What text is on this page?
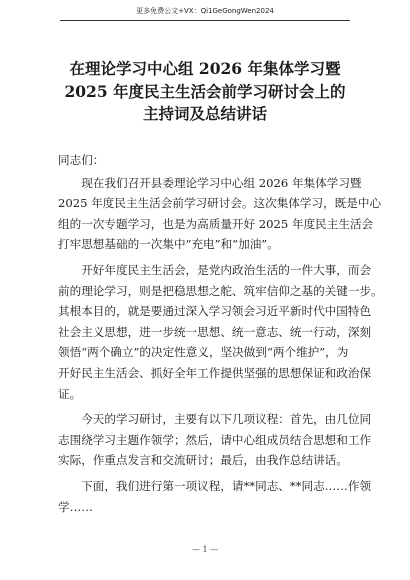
更多免费公文+VX：Qi1GeGongWen2024
在理论学习中心组 2026 年集体学习暨
2025 年度民主生活会前学习研讨会上的
主持词及总结讲话

同志们：

现在我们召开县委理论学习中心组 2026 年集体学习暨
2025 年度民主生活会前学习研讨会。这次集体学习，既是中心
组的一次专题学习，也是为高质量开好 2025 年度民主生活会
打牢思想基础的一次集中“充电”和“加油”。

开好年度民主生活会，是党内政治生活的一件大事，而会
前的理论学习，则是把稳思想之舵、筑牢信仰之基的关键一步。
其根本目的，就是要通过深入学习领会习近平新时代中国特色
社会主义思想，进一步统一思想、统一意志、统一行动，深刻
领悟“两个确立”的决定性意义，坚决做到“两个维护”，为
开好民主生活会、抓好全年工作提供坚强的思想保证和政治保
证。

今天的学习研讨，主要有以下几项议程：首先，由几位同
志围绕学习主题作领学；然后，请中心组成员结合思想和工作
实际，作重点发言和交流研讨；最后，由我作总结讲话。

下面，我们进行第一项议程，请**同志、**同志……作领
学……

— 1 —
